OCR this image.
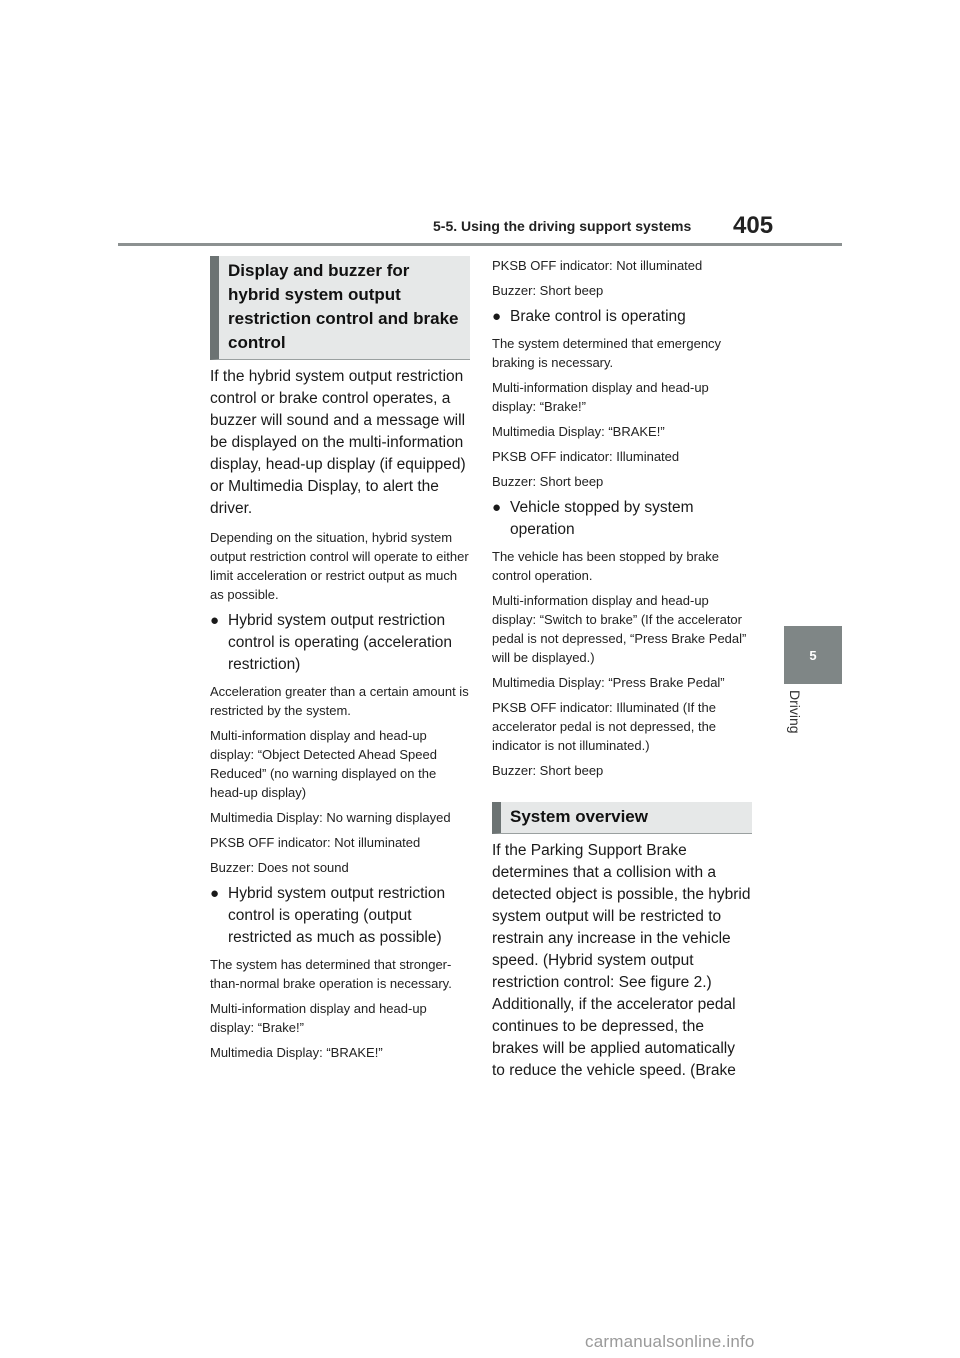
5-5. Using the driving support systems	405
5
Driving
Display and buzzer for hybrid system output restriction control and brake control

If the hybrid system output restriction control or brake control operates, a buzzer will sound and a message will be displayed on the multi-information display, head-up display (if equipped) or Multimedia Display, to alert the driver.

Depending on the situation, hybrid system output restriction control will operate to either limit acceleration or restrict output as much as possible.

● Hybrid system output restriction control is operating (acceleration restriction)

Acceleration greater than a certain amount is restricted by the system.

Multi-information display and head-up display: “Object Detected Ahead Speed Reduced” (no warning displayed on the head-up display)

Multimedia Display: No warning displayed

PKSB OFF indicator: Not illuminated

Buzzer: Does not sound

● Hybrid system output restriction control is operating (output restricted as much as possible)

The system has determined that stronger-than-normal brake operation is necessary.

Multi-information display and head-up display: “Brake!”

Multimedia Display: “BRAKE!”

PKSB OFF indicator: Not illuminated

Buzzer: Short beep

● Brake control is operating

The system determined that emergency braking is necessary.

Multi-information display and head-up display: “Brake!”

Multimedia Display: “BRAKE!”

PKSB OFF indicator: Illuminated

Buzzer: Short beep

● Vehicle stopped by system operation

The vehicle has been stopped by brake control operation.

Multi-information display and head-up display: “Switch to brake” (If the accelerator pedal is not depressed, “Press Brake Pedal” will be displayed.)

Multimedia Display: “Press Brake Pedal”

PKSB OFF indicator: Illuminated (If the accelerator pedal is not depressed, the indicator is not illuminated.)

Buzzer: Short beep

System overview

If the Parking Support Brake determines that a collision with a detected object is possible, the hybrid system output will be restricted to restrain any increase in the vehicle speed. (Hybrid system output restriction control: See figure 2.) Additionally, if the accelerator pedal continues to be depressed, the brakes will be applied automatically to reduce the vehicle speed. (Brake

carmanualsonline.info
